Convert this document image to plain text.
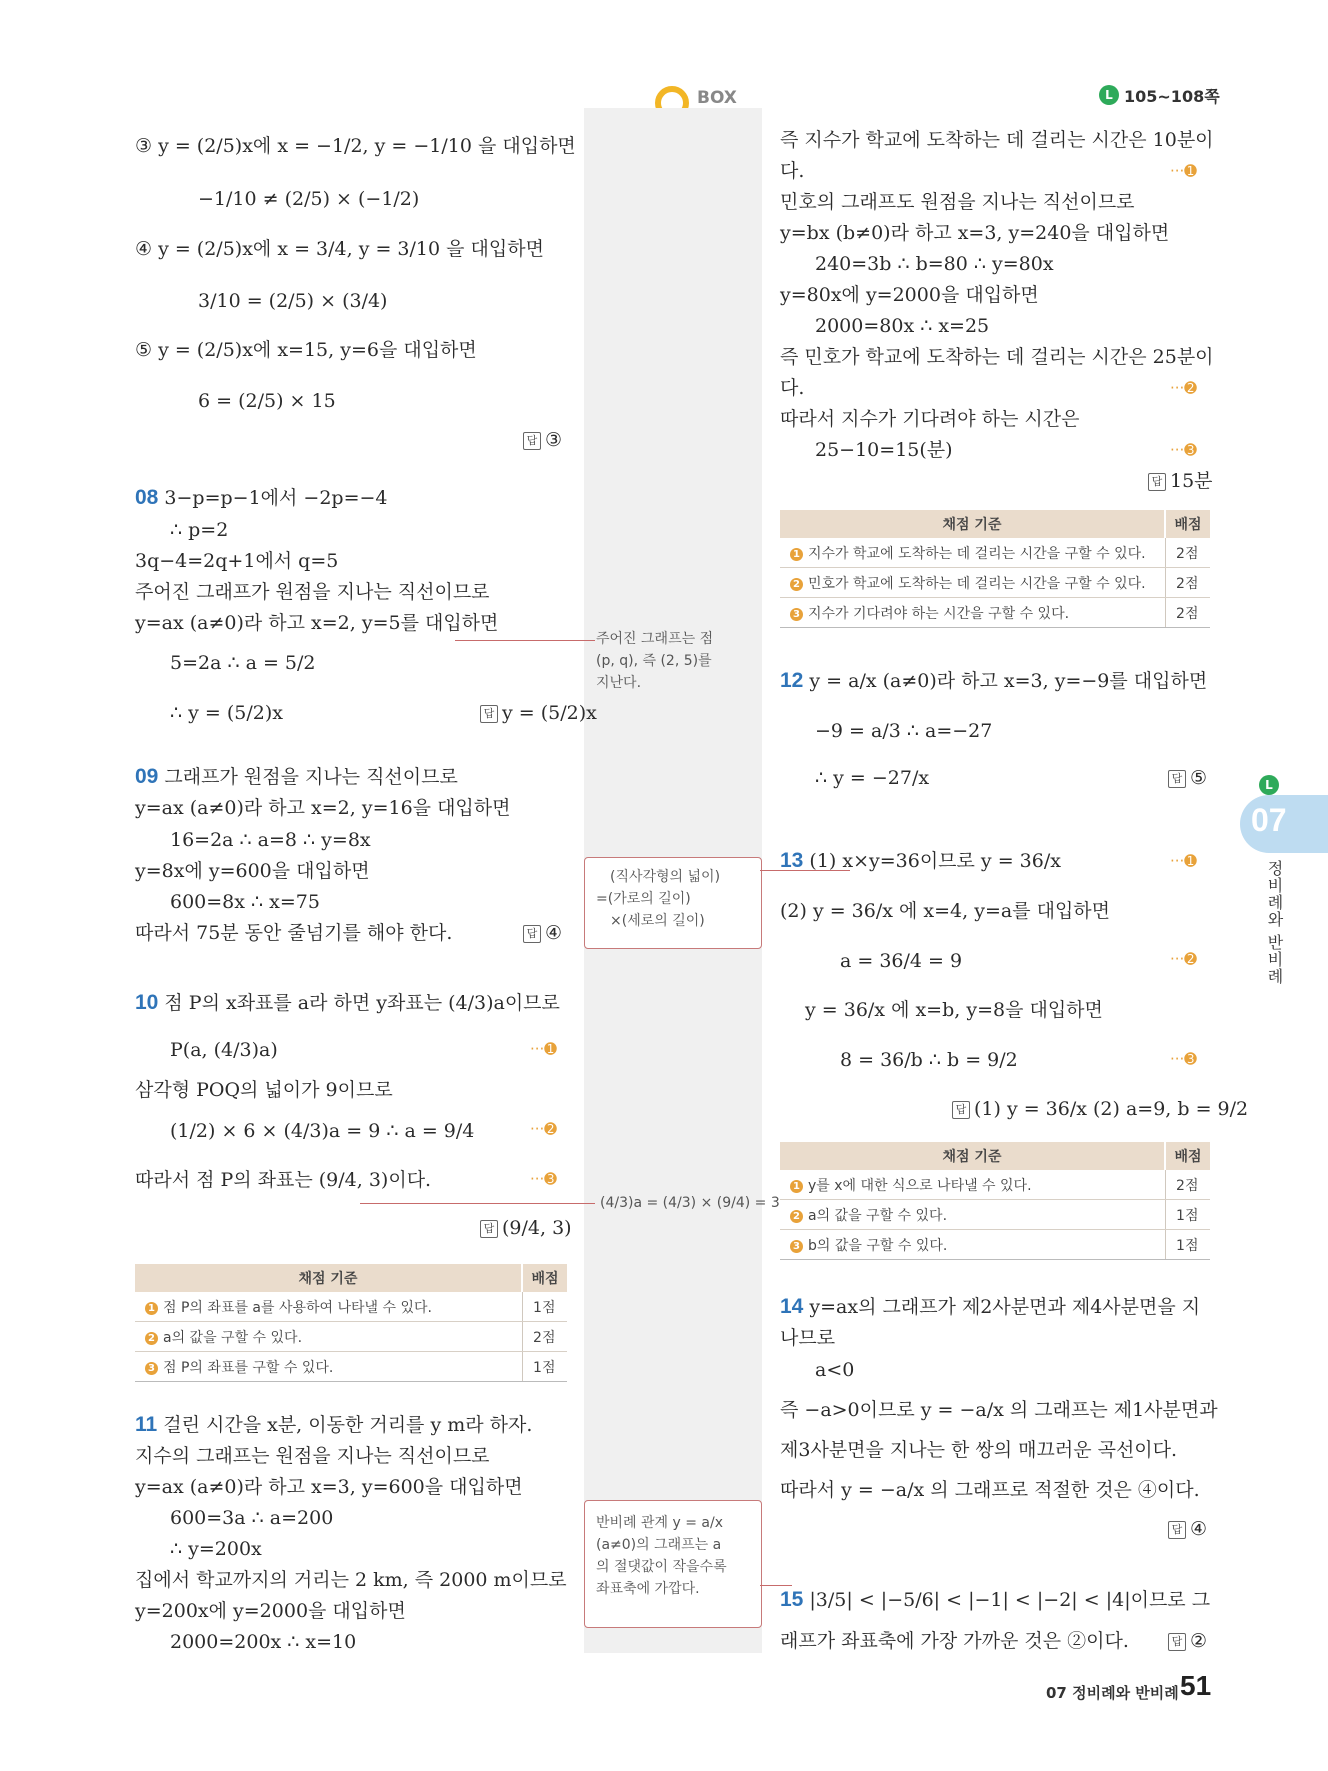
BOX	L 105~108쪽
③ y = (2/5)x에 x = −1/2, y = −1/10 을 대입하면
−1/10 ≠ (2/5) × (−1/2)
④ y = (2/5)x에 x = 3/4, y = 3/10 을 대입하면
3/10 = (2/5) × (3/4)
⑤ y = (2/5)x에 x=15, y=6을 대입하면
6 = (2/5) × 15
답 ③
08 3−p=p−1에서 −2p=−4
∴ p=2
3q−4=2q+1에서 q=5
주어진 그래프가 원점을 지나는 직선이므로
y=ax (a≠0)라 하고 x=2, y=5를 대입하면
5=2a ∴ a = 5/2
∴ y = (5/2)x	답 y = (5/2)x
09 그래프가 원점을 지나는 직선이므로
y=ax (a≠0)라 하고 x=2, y=16을 대입하면
16=2a ∴ a=8 ∴ y=8x
y=8x에 y=600을 대입하면
600=8x ∴ x=75
따라서 75분 동안 줄넘기를 해야 한다.	답 ④
10 점 P의 x좌표를 a라 하면 y좌표는 (4/3)a이므로
P(a, (4/3)a)	···➊
삼각형 POQ의 넓이가 9이므로
(1/2) × 6 × (4/3)a = 9 ∴ a = 9/4	···➋
따라서 점 P의 좌표는 (9/4, 3)이다.	···➌
답 (9/4, 3)
채점 기준	배점
1 점 P의 좌표를 a를 사용하여 나타낼 수 있다.	1점
2 a의 값을 구할 수 있다.	2점
3 점 P의 좌표를 구할 수 있다.	1점
11 걸린 시간을 x분, 이동한 거리를 y m라 하자.
지수의 그래프는 원점을 지나는 직선이므로
y=ax (a≠0)라 하고 x=3, y=600을 대입하면
600=3a ∴ a=200
∴ y=200x
집에서 학교까지의 거리는 2 km, 즉 2000 m이므로
y=200x에 y=2000을 대입하면
2000=200x ∴ x=10
주어진 그래프는 점
(p, q), 즉 (2, 5)를
지난다.
(직사각형의 넓이)
=(가로의 길이)
×(세로의 길이)
(4/3)a = (4/3) × (9/4) = 3
반비례 관계 y = a/x
(a≠0)의 그래프는 a
의 절댓값이 작을수록
좌표축에 가깝다.
즉 지수가 학교에 도착하는 데 걸리는 시간은 10분이
다.	···➊
민호의 그래프도 원점을 지나는 직선이므로
y=bx (b≠0)라 하고 x=3, y=240을 대입하면
240=3b ∴ b=80 ∴ y=80x
y=80x에 y=2000을 대입하면
2000=80x ∴ x=25
즉 민호가 학교에 도착하는 데 걸리는 시간은 25분이
다.	···➋
따라서 지수가 기다려야 하는 시간은
25−10=15(분)	···➌
답 15분
채점 기준	배점
1 지수가 학교에 도착하는 데 걸리는 시간을 구할 수 있다.	2점
2 민호가 학교에 도착하는 데 걸리는 시간을 구할 수 있다.	2점
3 지수가 기다려야 하는 시간을 구할 수 있다.	2점
12 y = a/x (a≠0)라 하고 x=3, y=−9를 대입하면
−9 = a/3 ∴ a=−27
∴ y = −27/x	답 ⑤
13 (1) x×y=36이므로 y = 36/x	···➊
(2) y = 36/x 에 x=4, y=a를 대입하면
a = 36/4 = 9	···➋
y = 36/x 에 x=b, y=8을 대입하면
8 = 36/b ∴ b = 9/2	···➌
답 (1) y = 36/x (2) a=9, b = 9/2
채점 기준	배점
1 y를 x에 대한 식으로 나타낼 수 있다.	2점
2 a의 값을 구할 수 있다.	1점
3 b의 값을 구할 수 있다.	1점
14 y=ax의 그래프가 제2사분면과 제4사분면을 지
나므로
a<0
즉 −a>0이므로 y = −a/x 의 그래프는 제1사분면과
제3사분면을 지나는 한 쌍의 매끄러운 곡선이다.
따라서 y = −a/x 의 그래프로 적절한 것은 ④이다.
답 ④
15 |3/5| < |−5/6| < |−1| < |−2| < |4|이므로 그
래프가 좌표축에 가장 가까운 것은 ②이다.	답 ②
L
07
정비례와 반비례
07 정비례와 반비례 51
